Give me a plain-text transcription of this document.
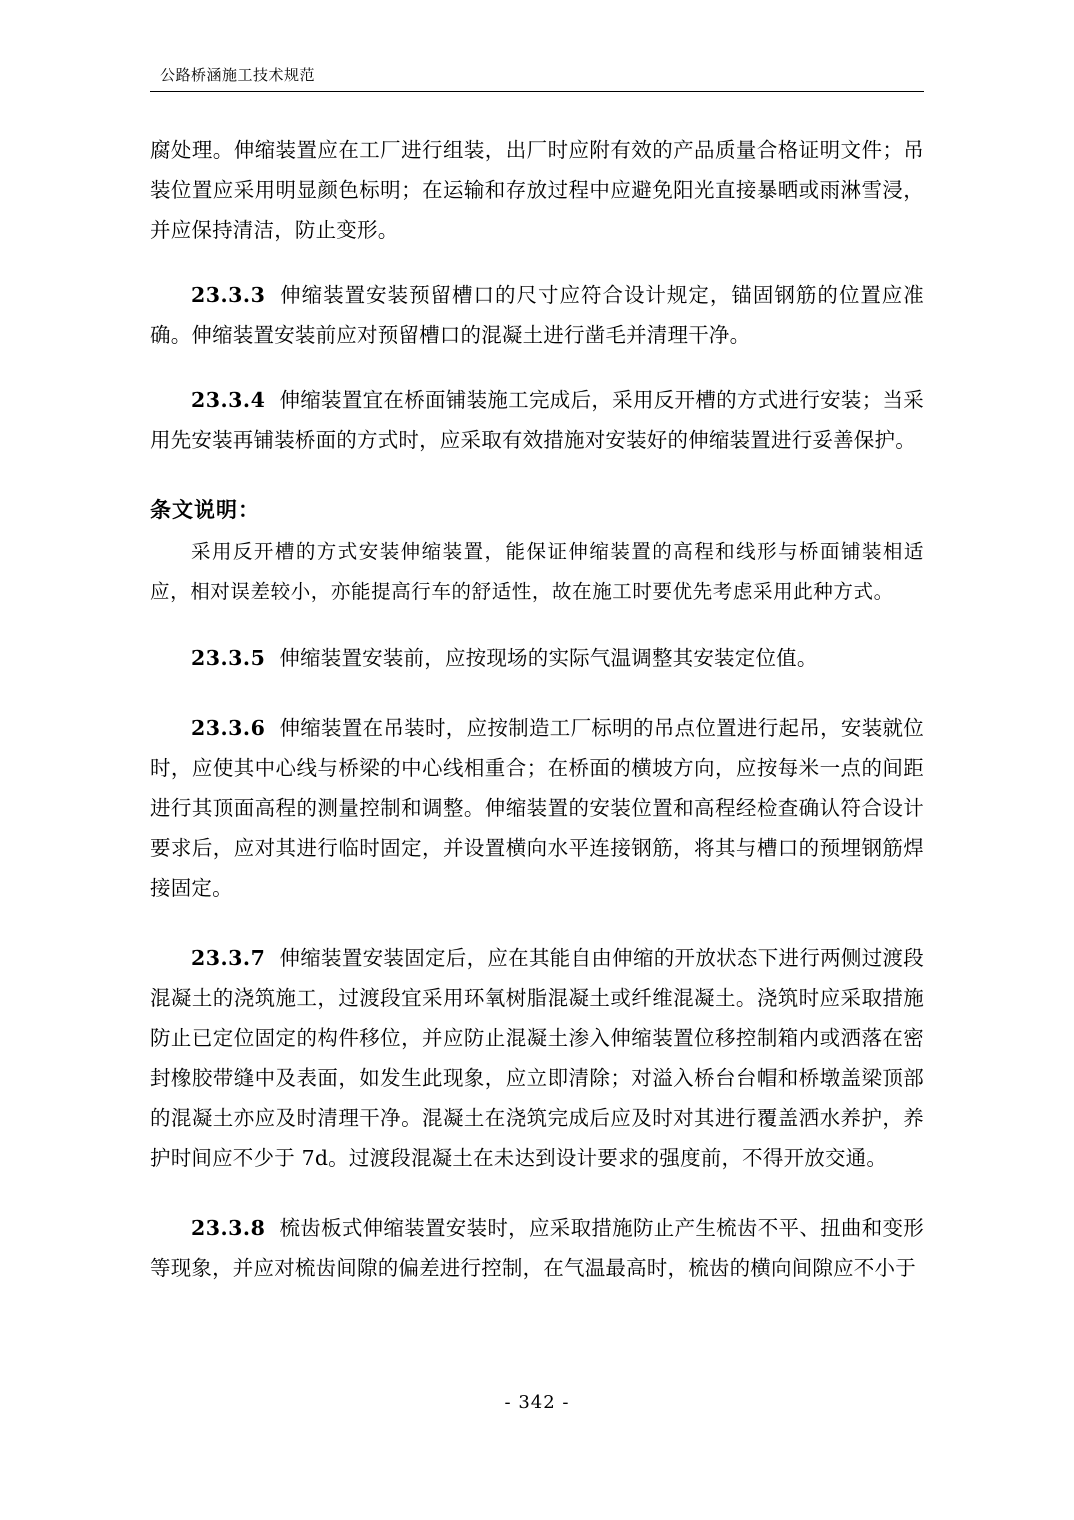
公路桥涵施工技术规范

腐处理。伸缩装置应在工厂进行组装，出厂时应附有效的产品质量合格证明文件；吊装位置应采用明显颜色标明；在运输和存放过程中应避免阳光直接暴晒或雨淋雪浸，并应保持清洁，防止变形。

23.3.3 伸缩装置安装预留槽口的尺寸应符合设计规定，锚固钢筋的位置应准确。伸缩装置安装前应对预留槽口的混凝土进行凿毛并清理干净。

23.3.4 伸缩装置宜在桥面铺装施工完成后，采用反开槽的方式进行安装；当采用先安装再铺装桥面的方式时，应采取有效措施对安装好的伸缩装置进行妥善保护。

条文说明：

采用反开槽的方式安装伸缩装置，能保证伸缩装置的高程和线形与桥面铺装相适应，相对误差较小，亦能提高行车的舒适性，故在施工时要优先考虑采用此种方式。

23.3.5 伸缩装置安装前，应按现场的实际气温调整其安装定位值。

23.3.6 伸缩装置在吊装时，应按制造工厂标明的吊点位置进行起吊，安装就位时，应使其中心线与桥梁的中心线相重合；在桥面的横坡方向，应按每米一点的间距进行其顶面高程的测量控制和调整。伸缩装置的安装位置和高程经检查确认符合设计要求后，应对其进行临时固定，并设置横向水平连接钢筋，将其与槽口的预埋钢筋焊接固定。

23.3.7 伸缩装置安装固定后，应在其能自由伸缩的开放状态下进行两侧过渡段混凝土的浇筑施工，过渡段宜采用环氧树脂混凝土或纤维混凝土。浇筑时应采取措施防止已定位固定的构件移位，并应防止混凝土渗入伸缩装置位移控制箱内或洒落在密封橡胶带缝中及表面，如发生此现象，应立即清除；对溢入桥台台帽和桥墩盖梁顶部的混凝土亦应及时清理干净。混凝土在浇筑完成后应及时对其进行覆盖洒水养护，养护时间应不少于 7d。过渡段混凝土在未达到设计要求的强度前，不得开放交通。

23.3.8 梳齿板式伸缩装置安装时，应采取措施防止产生梳齿不平、扭曲和变形等现象，并应对梳齿间隙的偏差进行控制，在气温最高时，梳齿的横向间隙应不小于

- 342 -
